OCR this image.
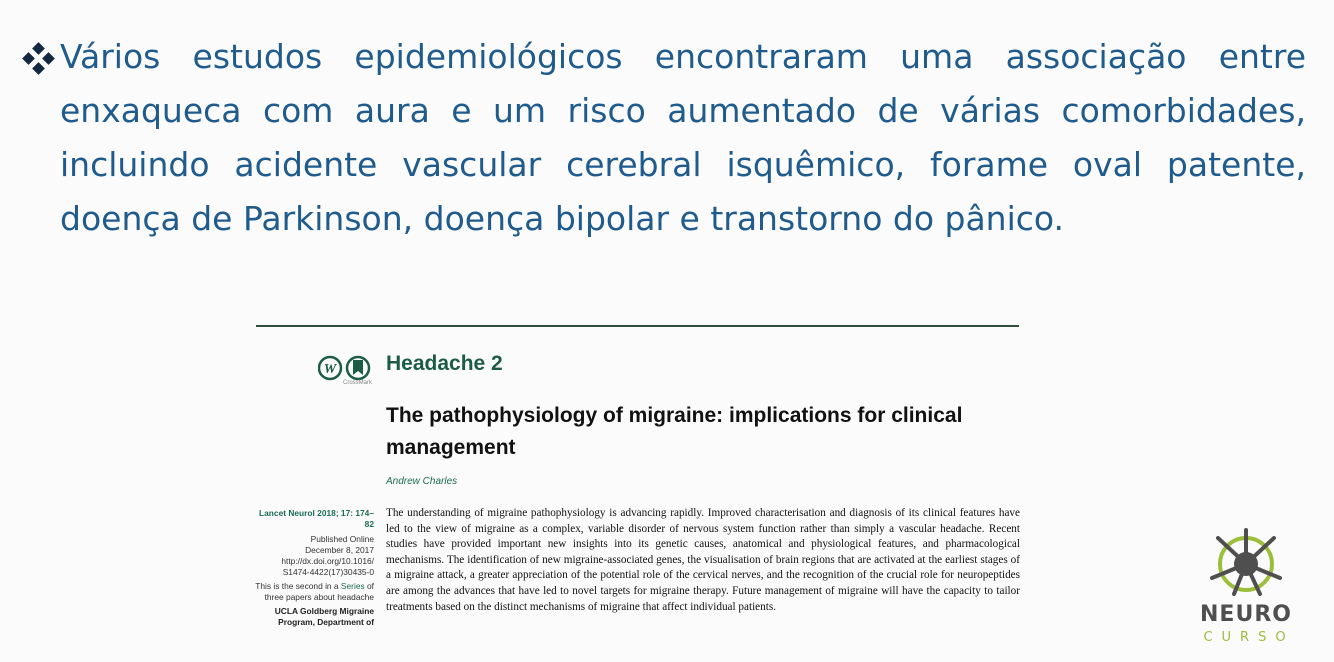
Vários estudos epidemiológicos encontraram uma associação entre enxaqueca com aura e um risco aumentado de várias comorbidades, incluindo acidente vascular cerebral isquêmico, forame oval patente, doença de Parkinson, doença bipolar e transtorno do pânico.
W
CrossMark
Headache 2
The pathophysiology of migraine: implications for clinical management
Andrew Charles
Lancet Neurol 2018; 17: 174–82
Published Online
December 8, 2017
http://dx.doi.org/10.1016/
S1474-4422(17)30435-0
This is the second in a Series of
three papers about headache
UCLA Goldberg Migraine
Program, Department of
The understanding of migraine pathophysiology is advancing rapidly. Improved characterisation and diagnosis of its clinical features have led to the view of migraine as a complex, variable disorder of nervous system function rather than simply a vascular headache. Recent studies have provided important new insights into its genetic causes, anatomical and physiological features, and pharmacological mechanisms. The identification of new migraine-associated genes, the visualisation of brain regions that are activated at the earliest stages of a migraine attack, a greater appreciation of the potential role of the cervical nerves, and the recognition of the crucial role for neuropeptides are among the advances that have led to novel targets for migraine therapy. Future management of migraine will have the capacity to tailor treatments based on the distinct mechanisms of migraine that affect individual patients.	NEURO
CURSO
